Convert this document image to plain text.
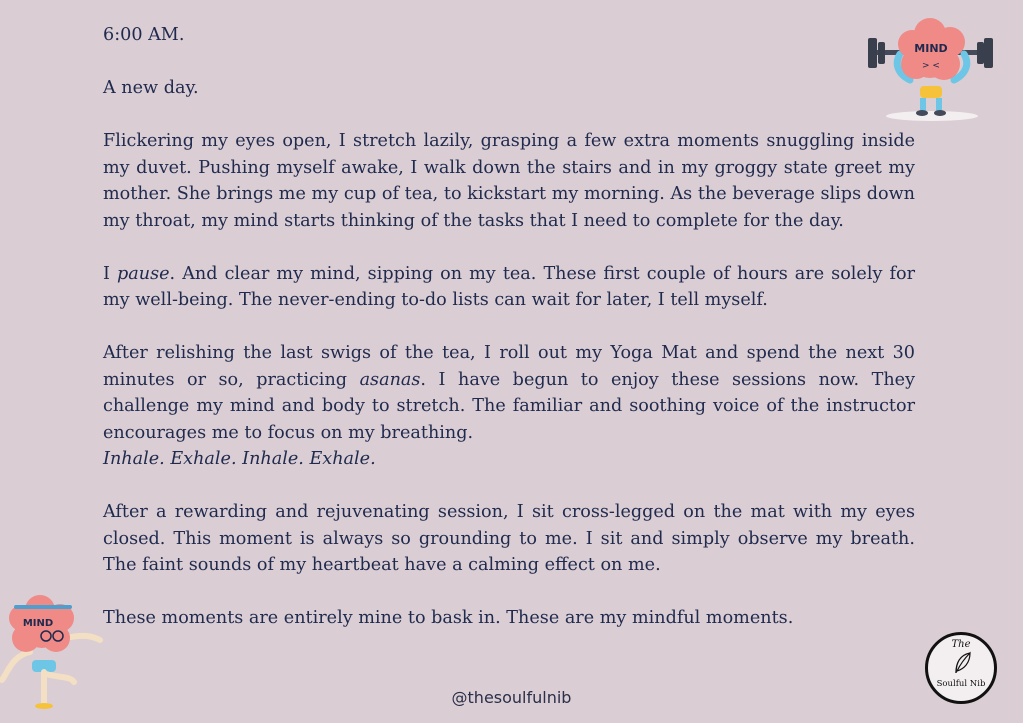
6:00 AM.

A new day.

Flickering my eyes open, I stretch lazily, grasping a few extra moments snuggling inside my duvet. Pushing myself awake, I walk down the stairs and in my groggy state greet my mother. She brings me my cup of tea, to kickstart my morning. As the beverage slips down my throat, my mind starts thinking of the tasks that I need to complete for the day.

I pause. And clear my mind, sipping on my tea. These first couple of hours are solely for my well-being. The never-ending to-do lists can wait for later, I tell myself.

After relishing the last swigs of the tea, I roll out my Yoga Mat and spend the next 30 minutes or so, practicing asanas. I have begun to enjoy these sessions now. They challenge my mind and body to stretch. The familiar and soothing voice of the instructor encourages me to focus on my breathing.

Inhale. Exhale. Inhale. Exhale.

After a rewarding and rejuvenating session, I sit cross-legged on the mat with my eyes closed. This moment is always so grounding to me. I sit and simply observe my breath. The faint sounds of my heartbeat have a calming effect on me.

These moments are entirely mine to bask in. These are my mindful moments.

MIND
> <
MIND
@thesoulfulnib
The
Soulful Nib
